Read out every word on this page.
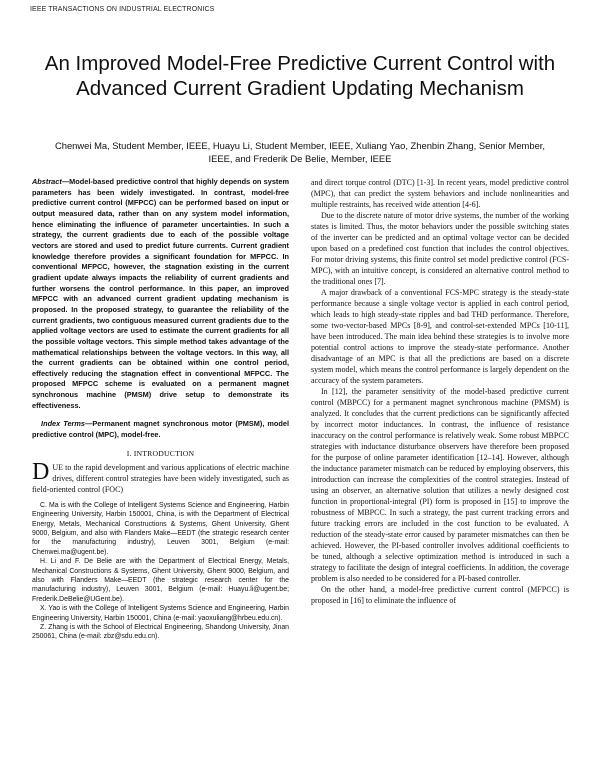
IEEE TRANSACTIONS ON INDUSTRIAL ELECTRONICS
An Improved Model-Free Predictive Current Control with Advanced Current Gradient Updating Mechanism
Chenwei Ma, Student Member, IEEE, Huayu Li, Student Member, IEEE, Xuliang Yao, Zhenbin Zhang, Senior Member, IEEE, and Frederik De Belie, Member, IEEE

Abstract—Model-based predictive control that highly depends on system parameters has been widely investigated. In contrast, model-free predictive current control (MFPCC) can be performed based on input or output measured data, rather than on any system model information, hence eliminating the influence of parameter uncertainties. In such a strategy, the current gradients due to each of the possible voltage vectors are stored and used to predict future currents. Current gradient knowledge therefore provides a significant foundation for MFPCC. In conventional MFPCC, however, the stagnation existing in the current gradient update always impacts the reliability of current gradients and further worsens the control performance. In this paper, an improved MFPCC with an advanced current gradient updating mechanism is proposed. In the proposed strategy, to guarantee the reliability of the current gradients, two contiguous measured current gradients due to the applied voltage vectors are used to estimate the current gradients for all the possible voltage vectors. This simple method takes advantage of the mathematical relationships between the voltage vectors. In this way, all the current gradients can be obtained within one control period, effectively reducing the stagnation effect in conventional MFPCC. The proposed MFPCC scheme is evaluated on a permanent magnet synchronous machine (PMSM) drive setup to demonstrate its effectiveness.

Index Terms—Permanent magnet synchronous motor (PMSM), model predictive control (MPC), model-free.

I. INTRODUCTION

DUE to the rapid development and various applications of electric machine drives, different control strategies have been widely investigated, such as field-oriented control (FOC)

C. Ma is with the College of Intelligent Systems Science and Engineering, Harbin Engineering University, Harbin 150001, China, is with the Department of Electrical Energy, Metals, Mechanical Constructions & Systems, Ghent University, Ghent 9000, Belgium, and also with Flanders Make—EEDT (the strategic research center for the manufacturing industry), Leuven 3001, Belgium (e-mail: Chenwei.ma@ugent.be).

H. Li and F. De Belie are with the Department of Electrical Energy, Metals, Mechanical Constructions & Systems, Ghent University, Ghent 9000, Belgium, and also with Flanders Make—EEDT (the strategic research center for the manufacturing industry), Leuven 3001, Belgium (e-mail: Huayu.li@ugent.be; Frederik.DeBelie@UGent.be).

X. Yao is with the College of Intelligent Systems Science and Engineering, Harbin Engineering University, Harbin 150001, China (e-mail: yaoxuliang@hrbeu.edu.cn).

Z. Zhang is with the School of Electrical Engineering, Shandong University, Jinan 250061, China (e-mail: zbz@sdu.edu.cn).

and direct torque control (DTC) [1-3]. In recent years, model predictive control (MPC), that can predict the system behaviors and include nonlinearities and multiple restraints, has received wide attention [4-6].

Due to the discrete nature of motor drive systems, the number of the working states is limited. Thus, the motor behaviors under the possible switching states of the inverter can be predicted and an optimal voltage vector can be decided upon based on a predefined cost function that includes the control objectives. For motor driving systems, this finite control set model predictive control (FCS-MPC), with an intuitive concept, is considered an alternative control method to the traditional ones [7].

A major drawback of a conventional FCS-MPC strategy is the steady-state performance because a single voltage vector is applied in each control period, which leads to high steady-state ripples and bad THD performance. Therefore, some two-vector-based MPCs [8-9], and control-set-extended MPCs [10-11], have been introduced. The main idea behind these strategies is to involve more potential control actions to improve the steady-state performance. Another disadvantage of an MPC is that all the predictions are based on a discrete system model, which means the control performance is largely dependent on the accuracy of the system parameters.

In [12], the parameter sensitivity of the model-based predictive current control (MBPCC) for a permanent magnet synchronous machine (PMSM) is analyzed. It concludes that the current predictions can be significantly affected by incorrect motor inductances. In contrast, the influence of resistance inaccuracy on the control performance is relatively weak. Some robust MBPCC strategies with inductance disturbance observers have therefore been proposed for the purpose of online parameter identification [12–14]. However, although the inductance parameter mismatch can be reduced by employing observers, this introduction can increase the complexities of the control strategies. Instead of using an observer, an alternative solution that utilizes a newly designed cost function in proportional-integral (PI) form is proposed in [15] to improve the robustness of MBPCC. In such a strategy, the past current tracking errors and future tracking errors are included in the cost function to be evaluated. A reduction of the steady-state error caused by parameter mismatches can then be achieved. However, the PI-based controller involves additional coefficients to be tuned, although a selective optimization method is introduced in such a strategy to facilitate the design of integral coefficients. In addition, the coverage problem is also needed to be considered for a PI-based controller.

On the other hand, a model-free predictive current control (MFPCC) is proposed in [16] to eliminate the influence of
